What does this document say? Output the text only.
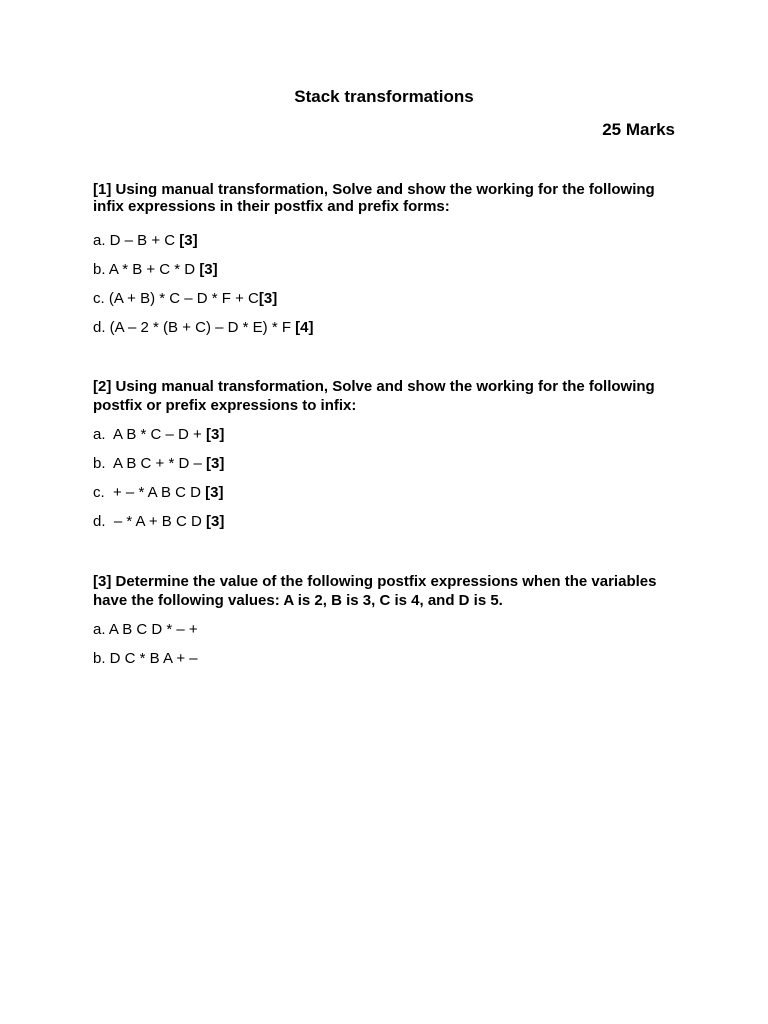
Stack transformations
25 Marks

[1] Using manual transformation, Solve and show the working for the following
infix expressions in their postfix and prefix forms:

a. D – B + C [3]

b. A * B + C * D [3]

c. (A + B) * C – D * F + C[3]

d. (A – 2 * (B + C) – D * E) * F [4]

[2] Using manual transformation, Solve and show the working for the following
postfix or prefix expressions to infix:

a.  A B * C – D + [3]

b.  A B C + * D – [3]

c.  + – * A B C D [3]

d.  – * A + B C D [3]

[3] Determine the value of the following postfix expressions when the variables
have the following values: A is 2, B is 3, C is 4, and D is 5.

a. A B C D * – +

b. D C * B A + –
